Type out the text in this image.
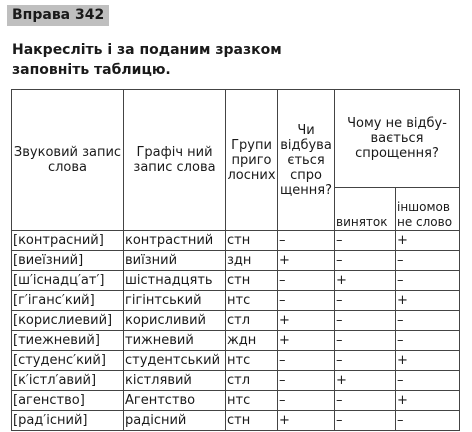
Вправа 342
Накресліть і за поданим зразком
заповніть таблицю.
Звуковий запис слова	Графіч ний запис слова	Групи приго лосних	Чи відбува ється спро щення?	Чому не відбу- вається спрощення?	
				виняток	іншомов не слово
[контрасний]	контрастний	стн	–	–	+
[виеїзний]	виїзний	здн	+	–	–
[ш′існадц′ат′]	шістнадцять	стн	–	+	–
[г′іганс′кий]	гігінтський	нтс	–	–	+
[корислиевий]	корисливий	стл	+	–	–
[тиежневий]	тижневий	ждн	+	–	–
[студенс′кий]	студентський	нтс	–	–	+
[к′істл′авий]	кістлявий	стл	–	+	–
[агенство]	Агентство	нтс	–	–	+
[рад′існий]	радісний	стн	+	–	–
